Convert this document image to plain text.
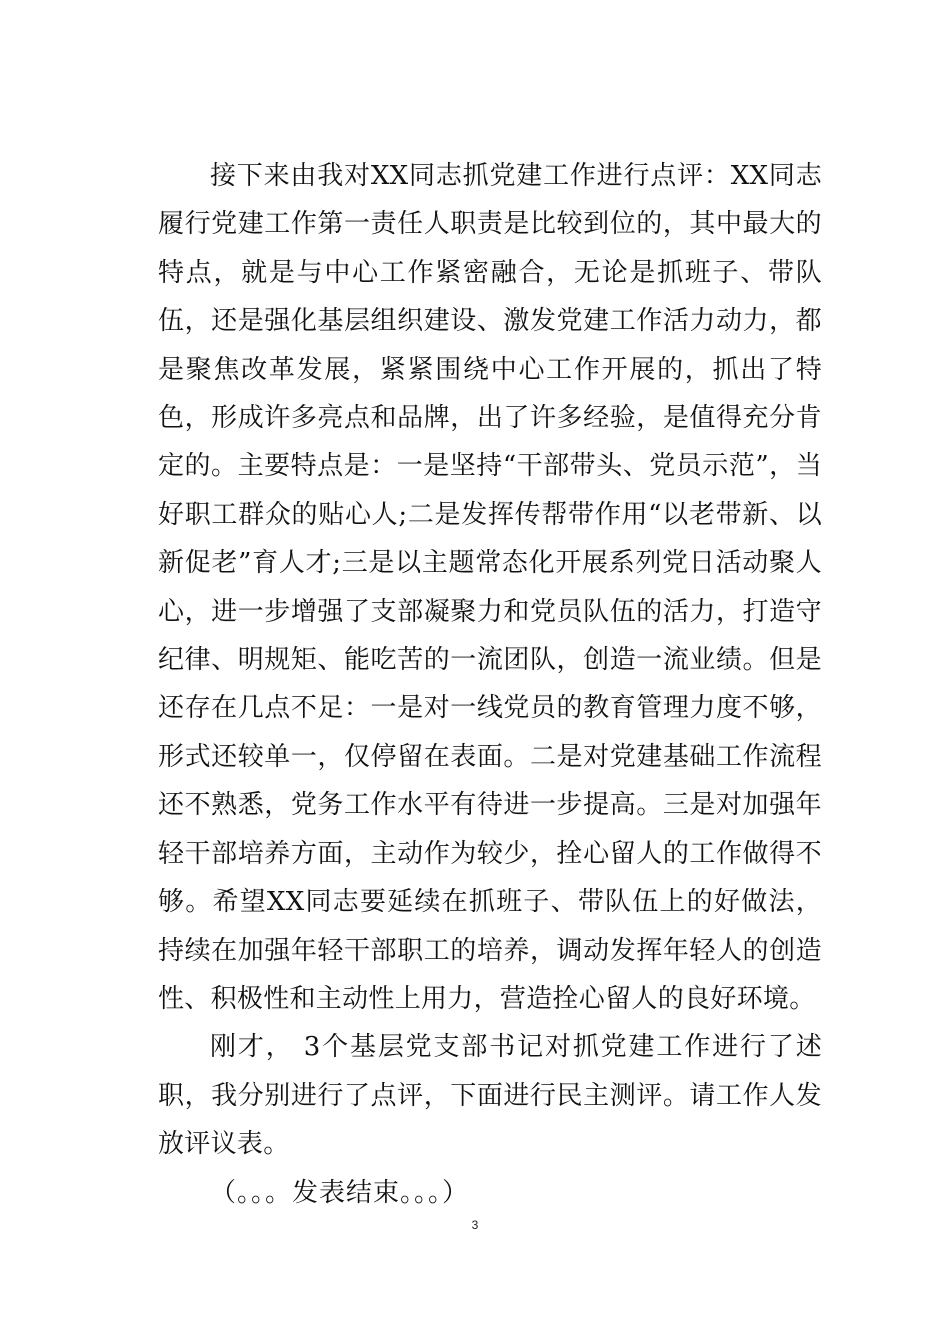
接下来由我对XX同志抓党建工作进行点评：XX同志履行党建工作第一责任人职责是比较到位的，其中最大的特点，就是与中心工作紧密融合，无论是抓班子、带队伍，还是强化基层组织建设、激发党建工作活力动力，都是聚焦改革发展，紧紧围绕中心工作开展的，抓出了特色，形成许多亮点和品牌，出了许多经验，是值得充分肯定的。主要特点是：一是坚持“干部带头、党员示范”，当好职工群众的贴心人;二是发挥传帮带作用“以老带新、以新促老”育人才;三是以主题常态化开展系列党日活动聚人心，进一步增强了支部凝聚力和党员队伍的活力，打造守纪律、明规矩、能吃苦的一流团队，创造一流业绩。但是还存在几点不足：一是对一线党员的教育管理力度不够，形式还较单一，仅停留在表面。二是对党建基础工作流程还不熟悉，党务工作水平有待进一步提高。三是对加强年轻干部培养方面，主动作为较少，拴心留人的工作做得不够。希望XX同志要延续在抓班子、带队伍上的好做法，持续在加强年轻干部职工的培养，调动发挥年轻人的创造性、积极性和主动性上用力，营造拴心留人的良好环境。

刚才， 3个基层党支部书记对抓党建工作进行了述职，我分别进行了点评，下面进行民主测评。请工作人发放评议表。

（。。。发表结束。。。）

3
